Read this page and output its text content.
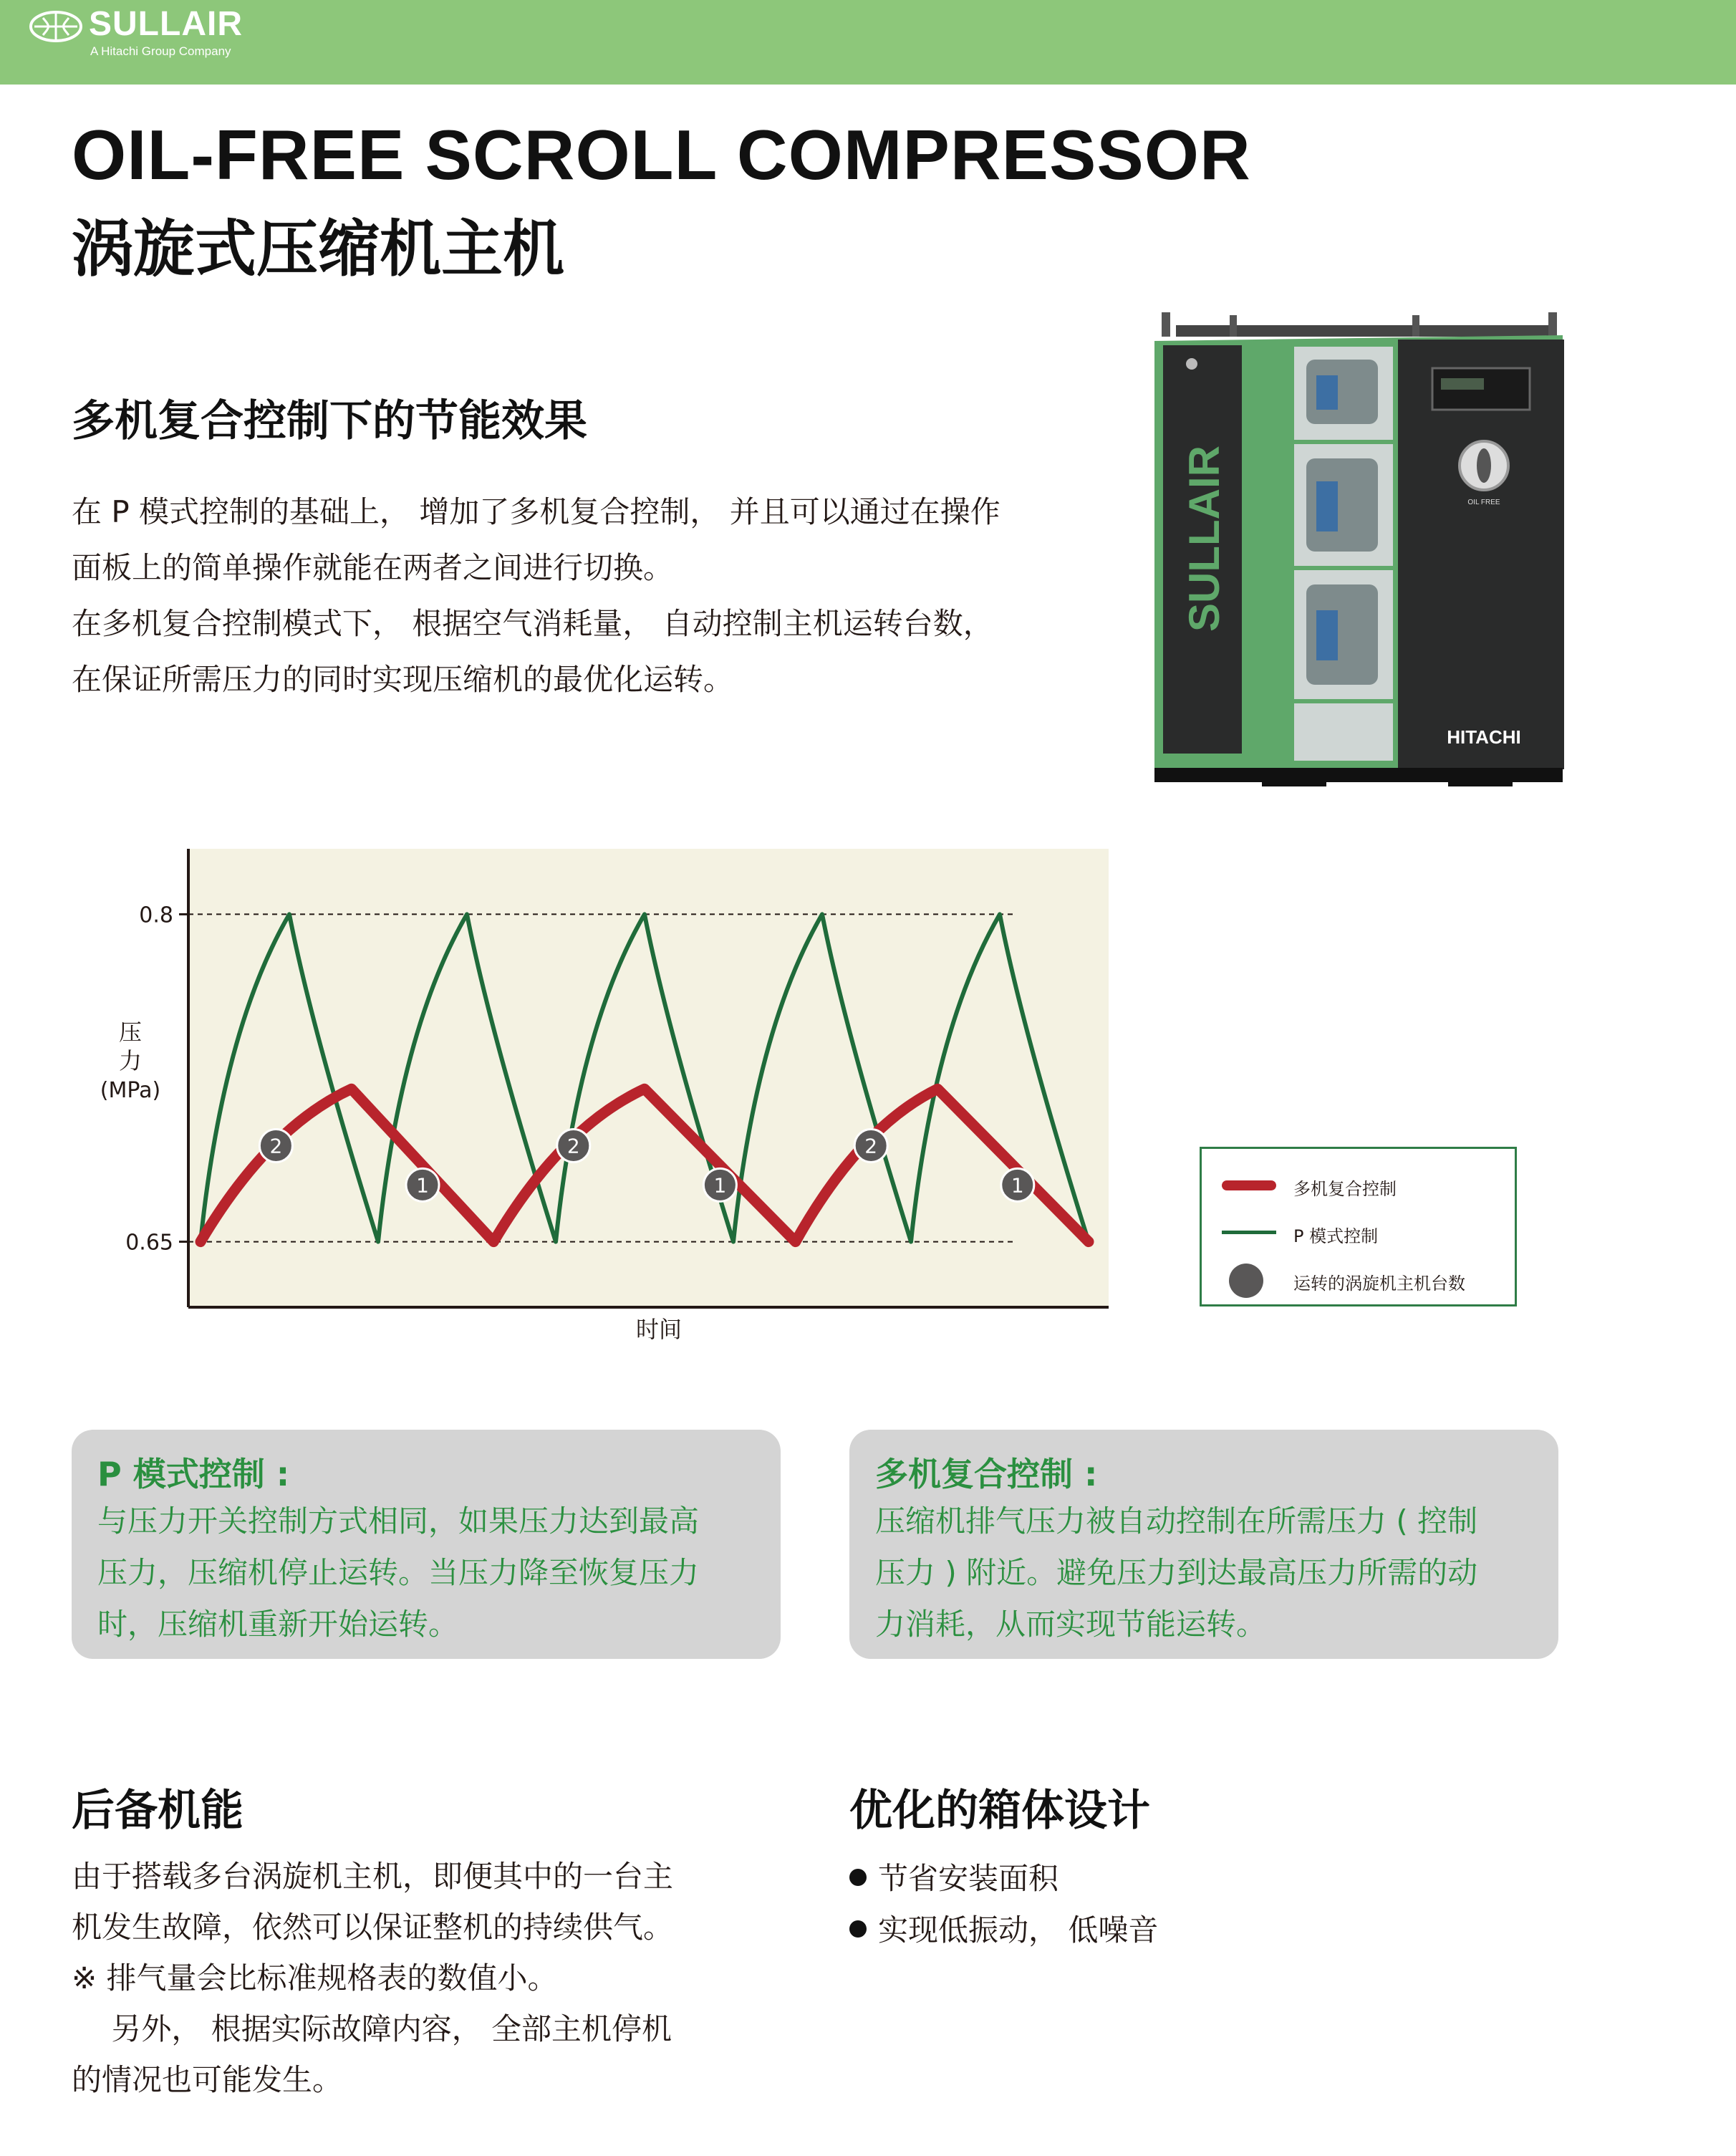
SULLAIR
A Hitachi Group Company
OIL-FREE SCROLL COMPRESSOR
涡旋式压缩机主机
多机复合控制下的节能效果

在 P 模式控制的基础上， 增加了多机复合控制， 并且可以通过在操作

面板上的简单操作就能在两者之间进行切换。

在多机复合控制模式下， 根据空气消耗量， 自动控制主机运转台数，

在保证所需压力的同时实现压缩机的最优化运转。

SULLAIR	OIL FREE
HITACHI
0.8
0.65
2
1
2
1
2
1
压
力
(MPa)
时间
多机复合控制
P 模式控制
运转的涡旋机主机台数
P 模式控制 :

与压力开关控制方式相同，如果压力达到最高

压力，压缩机停止运转。当压力降至恢复压力

时，压缩机重新开始运转。

多机复合控制 :

压缩机排气压力被自动控制在所需压力 ( 控制

压力 ) 附近。避免压力到达最高压力所需的动

力消耗，从而实现节能运转。

后备机能

由于搭载多台涡旋机主机，即便其中的一台主

机发生故障，依然可以保证整机的持续供气。

※ 排气量会比标准规格表的数值小。

　 另外， 根据实际故障内容， 全部主机停机

的情况也可能发生。

优化的箱体设计
节省安装面积
实现低振动， 低噪音
